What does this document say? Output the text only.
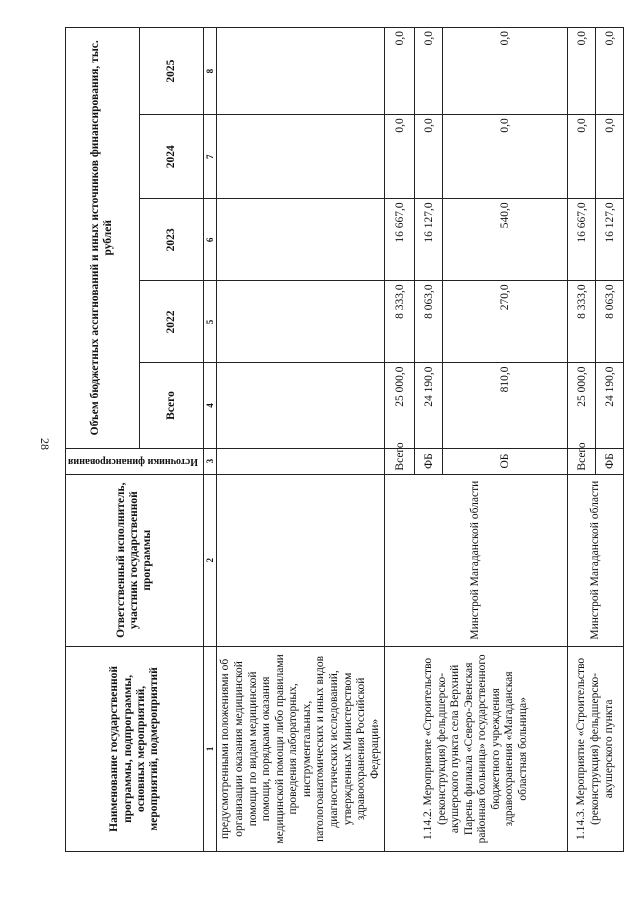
28
Наименование государственной программы, подпрограммы, основных мероприятий, мероприятий, подмероприятий	Ответственный исполнитель, участник государственной программы	Источники финансирования	Объем бюджетных ассигнований и иных источников финансирования, тыс. рублей				
			Всего	2022	2023	2024	2025
1	2	3	4	5	6	7	8
предусмотренными положениями об организации оказания медицинской помощи по видам медицинской помощи, порядками оказания медицинской помощи либо правилами проведения лабораторных, инструментальных, патологоанатомических и иных видов диагностических исследований, утвержденных Министерством здравоохранения Российской Федерации»							
1.14.2. Мероприятие «Строительство (реконструкция) фельдшерско-акушерского пункта села Верхний Парень филиала «Северо-Эвенская районная больница» государственного бюджетного учреждения здравоохранения «Магаданская областная больница»	Минстрой Магаданской области	Всего	25 000,0	8 333,0	16 667,0	0,0	0,0
		ФБ	24 190,0	8 063,0	16 127,0	0,0	0,0
		ОБ	810,0	270,0	540,0	0,0	0,0
1.14.3. Мероприятие «Строительство (реконструкция) фельдшерско-акушерского пункта	Минстрой Магаданской области	Всего	25 000,0	8 333,0	16 667,0	0,0	0,0
		ФБ	24 190,0	8 063,0	16 127,0	0,0	0,0
